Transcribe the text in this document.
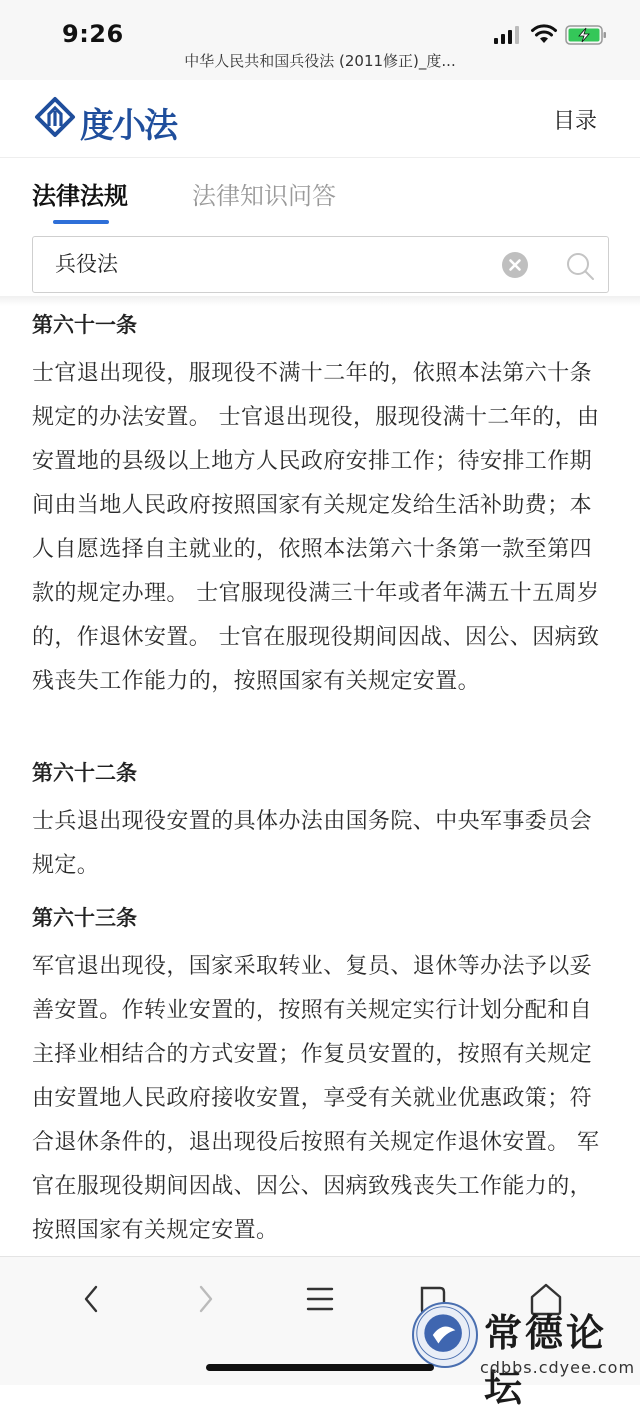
9:26
中华人民共和国兵役法 (2011修正)_度...
度小法	目录
法律法规	法律知识问答
兵役法
第六十一条
士官退出现役，服现役不满十二年的，依照本法第六十条规定的办法安置。 士官退出现役，服现役满十二年的，由安置地的县级以上地方人民政府安排工作；待安排工作期间由当地人民政府按照国家有关规定发给生活补助费；本人自愿选择自主就业的，依照本法第六十条第一款至第四款的规定办理。 士官服现役满三十年或者年满五十五周岁的，作退休安置。 士官在服现役期间因战、因公、因病致残丧失工作能力的，按照国家有关规定安置。
第六十二条
士兵退出现役安置的具体办法由国务院、中央军事委员会规定。
第六十三条
军官退出现役，国家采取转业、复员、退休等办法予以妥善安置。作转业安置的，按照有关规定实行计划分配和自主择业相结合的方式安置；作复员安置的，按照有关规定由安置地人民政府接收安置，享受有关就业优惠政策；符合退休条件的，退出现役后按照有关规定作退休安置。 军官在服现役期间因战、因公、因病致残丧失工作能力的，按照国家有关规定安置。
常德论坛
cdbbs.cdyee.com
